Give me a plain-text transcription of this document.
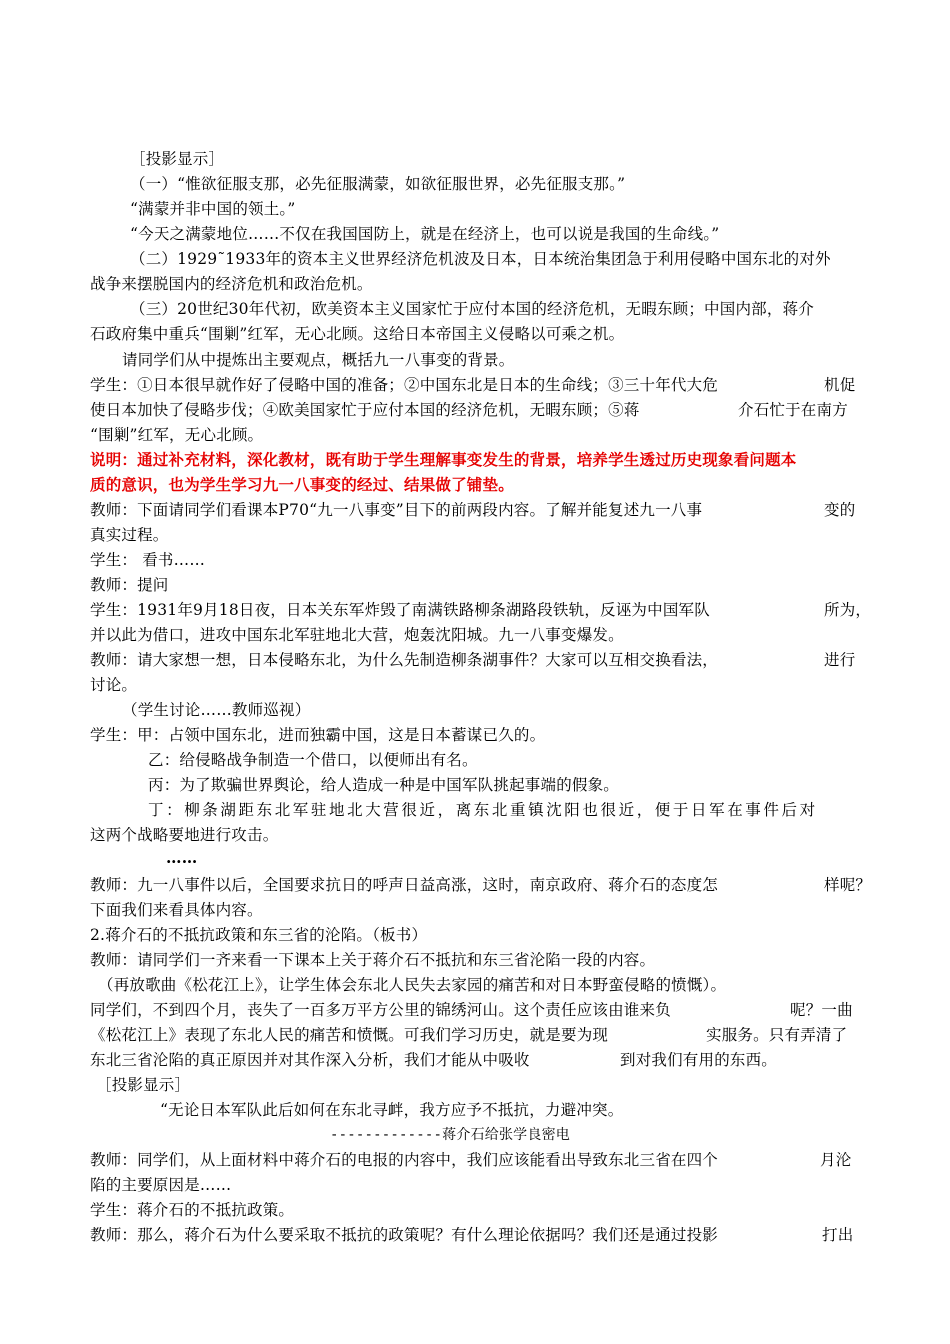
［投影显示］
（一）“惟欲征服支那，必先征服满蒙，如欲征服世界，必先征服支那。”
“满蒙并非中国的领土。”
“今天之满蒙地位……不仅在我国国防上，就是在经济上，也可以说是我国的生命线。”
（二）1929˜1933年的资本主义世界经济危机波及日本，日本统治集团急于利用侵略中国东北的对外
战争来摆脱国内的经济危机和政治危机。
（三）20世纪30年代初，欧美资本主义国家忙于应付本国的经济危机，无暇东顾；中国内部，蒋介
石政府集中重兵“围剿”红军，无心北顾。这给日本帝国主义侵略以可乘之机。
请同学们从中提炼出主要观点，概括九一八事变的背景。
学生：①日本很早就作好了侵略中国的准备；②中国东北是日本的生命线；③三十年代大危	机促
使日本加快了侵略步伐；④欧美国家忙于应付本国的经济危机，无暇东顾；⑤蒋	介石忙于在南方
“围剿”红军，无心北顾。
说明：通过补充材料，深化教材，既有助于学生理解事变发生的背景，培养学生透过历史现象看问题本
质的意识，也为学生学习九一八事变的经过、结果做了铺垫。
教师：下面请同学们看课本P70“九一八事变”目下的前两段内容。了解并能复述九一八事	变的
真实过程。
学生： 看书……
教师：提问
学生：1931年9月18日夜，日本关东军炸毁了南满铁路柳条湖路段铁轨，反诬为中国军队	所为，
并以此为借口，进攻中国东北军驻地北大营，炮轰沈阳城。九一八事变爆发。
教师：请大家想一想，日本侵略东北，为什么先制造柳条湖事件？大家可以互相交换看法，	进行
讨论。
（学生讨论……教师巡视）
学生：甲：占领中国东北，进而独霸中国，这是日本蓄谋已久的。
乙：给侵略战争制造一个借口，以便师出有名。
丙：为了欺骗世界舆论，给人造成一种是中国军队挑起事端的假象。
丁：柳条湖距东北军驻地北大营很近，离东北重镇沈阳也很近，便于日军在事件后对
这两个战略要地进行攻击。
……
教师：九一八事件以后，全国要求抗日的呼声日益高涨，这时，南京政府、蒋介石的态度怎	样呢？
下面我们来看具体内容。
2.蒋介石的不抵抗政策和东三省的沦陷。（板书）
教师：请同学们一齐来看一下课本上关于蒋介石不抵抗和东三省沦陷一段的内容。
（再放歌曲《松花江上》，让学生体会东北人民失去家园的痛苦和对日本野蛮侵略的愤慨）。
同学们，不到四个月，丧失了一百多万平方公里的锦绣河山。这个责任应该由谁来负	呢？一曲
《松花江上》表现了东北人民的痛苦和愤慨。可我们学习历史，就是要为现	实服务。只有弄清了
东北三省沦陷的真正原因并对其作深入分析，我们才能从中吸收	到对我们有用的东西。
［投影显示］
“无论日本军队此后如何在东北寻衅，我方应予不抵抗，力避冲突。
-------------蒋介石给张学良密电
教师：同学们，从上面材料中蒋介石的电报的内容中，我们应该能看出导致东北三省在四个	月沦
陷的主要原因是……
学生：蒋介石的不抵抗政策。
教师：那么，蒋介石为什么要采取不抵抗的政策呢？有什么理论依据吗？我们还是通过投影	打出
